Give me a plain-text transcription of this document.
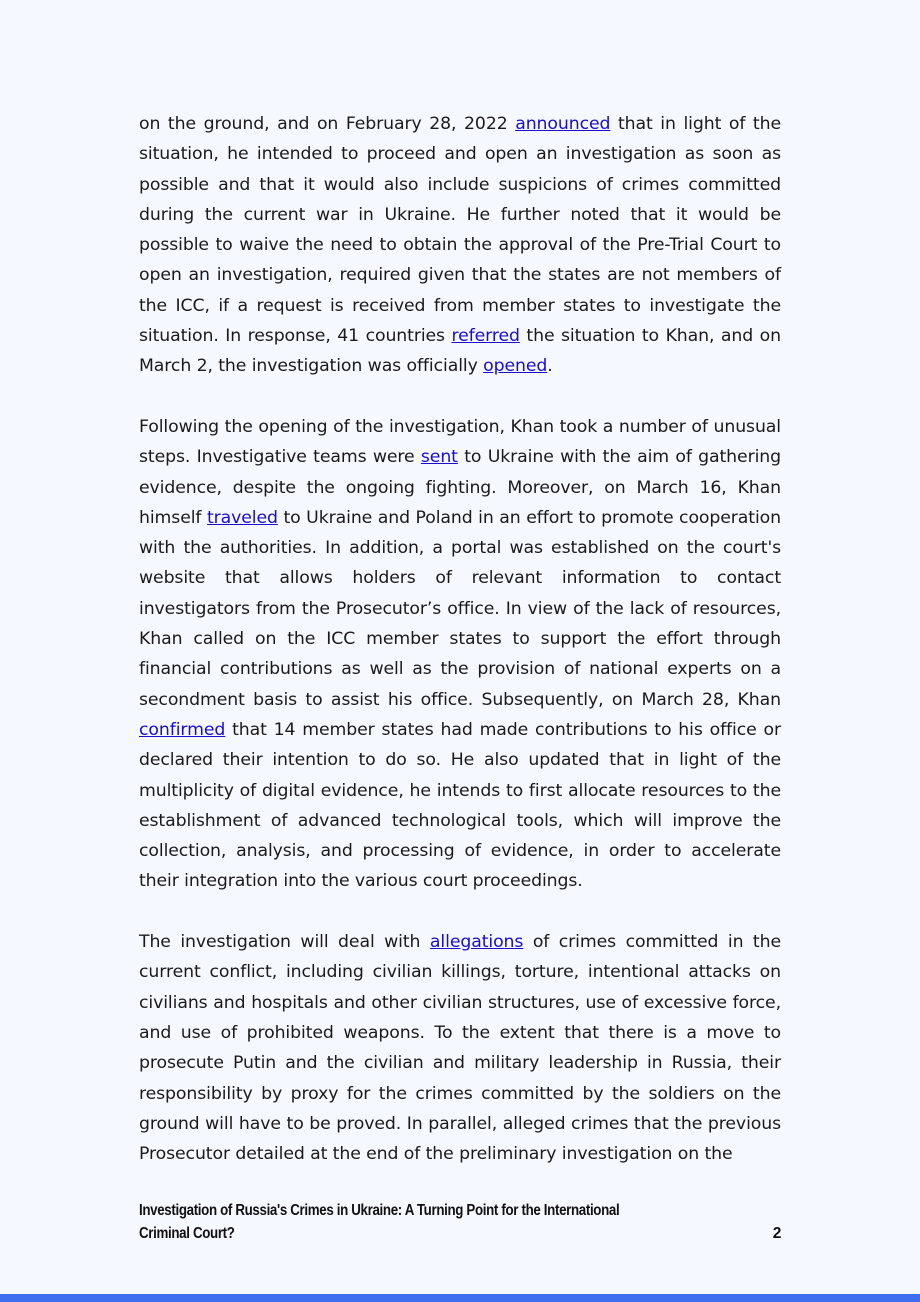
on the ground, and on February 28, 2022 announced that in light of the situation, he intended to proceed and open an investigation as soon as possible and that it would also include suspicions of crimes committed during the current war in Ukraine. He further noted that it would be possible to waive the need to obtain the approval of the Pre-Trial Court to open an investigation, required given that the states are not members of the ICC, if a request is received from member states to investigate the situation. In response, 41 countries referred the situation to Khan, and on March 2, the investigation was officially opened.

Following the opening of the investigation, Khan took a number of unusual steps. Investigative teams were sent to Ukraine with the aim of gathering evidence, despite the ongoing fighting. Moreover, on March 16, Khan himself traveled to Ukraine and Poland in an effort to promote cooperation with the authorities. In addition, a portal was established on the court's website that allows holders of relevant information to contact investigators from the Prosecutor’s office. In view of the lack of resources, Khan called on the ICC member states to support the effort through financial contributions as well as the provision of national experts on a secondment basis to assist his office. Subsequently, on March 28, Khan confirmed that 14 member states had made contributions to his office or declared their intention to do so. He also updated that in light of the multiplicity of digital evidence, he intends to first allocate resources to the establishment of advanced technological tools, which will improve the collection, analysis, and processing of evidence, in order to accelerate their integration into the various court proceedings.

The investigation will deal with allegations of crimes committed in the current conflict, including civilian killings, torture, intentional attacks on civilians and hospitals and other civilian structures, use of excessive force, and use of prohibited weapons. To the extent that there is a move to prosecute Putin and the civilian and military leadership in Russia, their responsibility by proxy for the crimes committed by the soldiers on the ground will have to be proved. In parallel, alleged crimes that the previous Prosecutor detailed at the end of the preliminary investigation on the

Investigation of Russia's Crimes in Ukraine: A Turning Point for the International Criminal Court?	2
